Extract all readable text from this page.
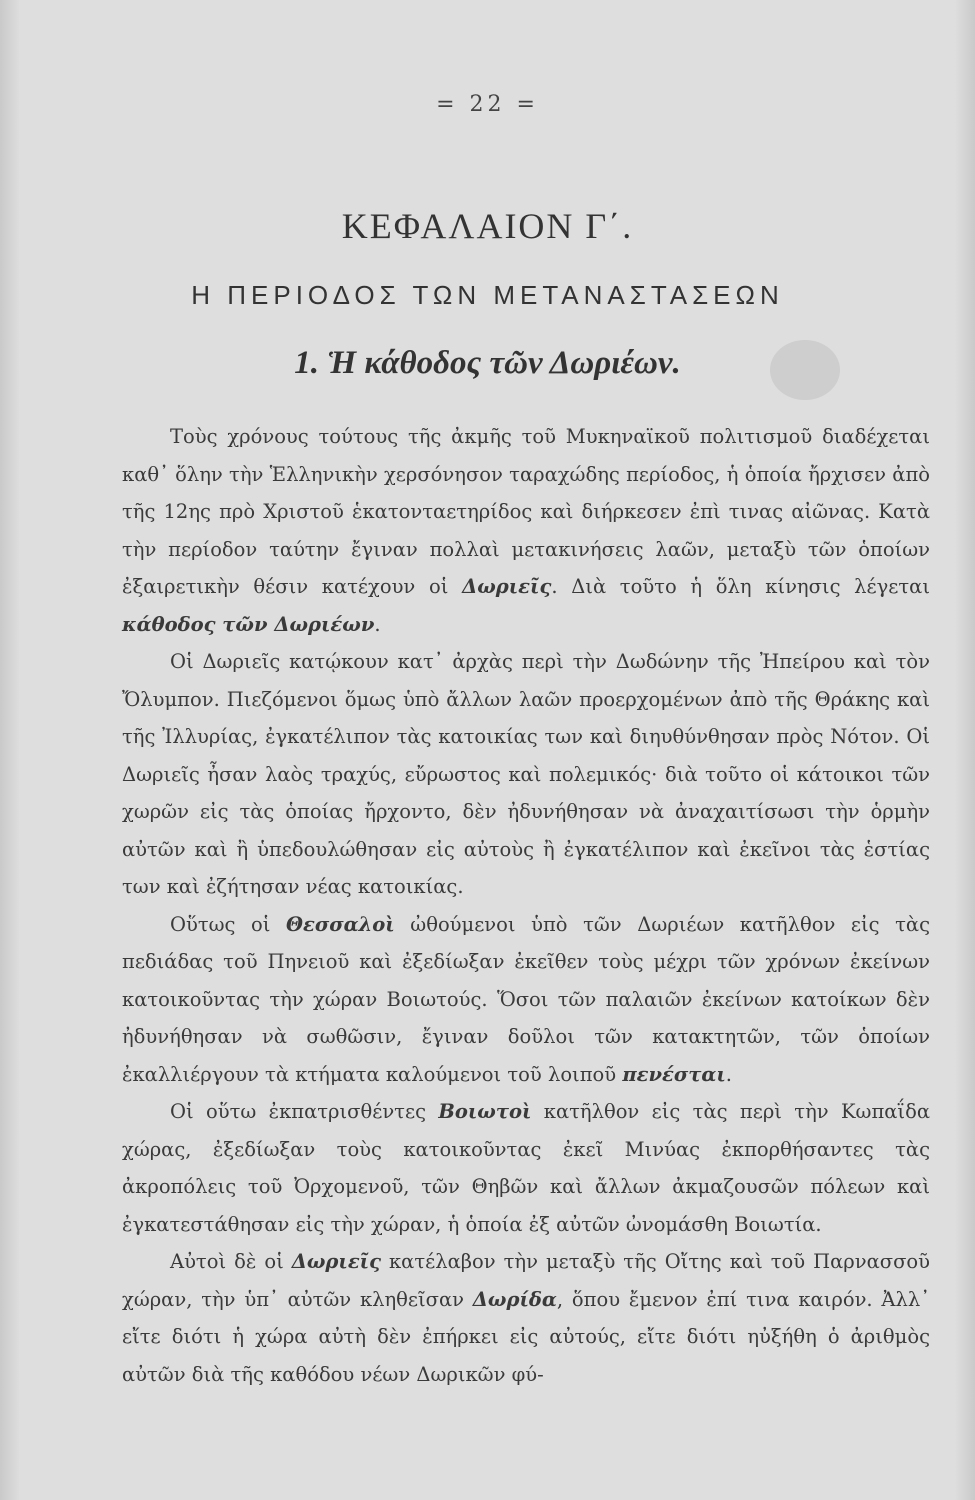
= 22 =
ΚΕΦΑΛΑΙΟΝ Γ΄.
Η ΠΕΡΙΟΔΟΣ ΤΩΝ ΜΕΤΑΝΑΣΤΑΣΕΩΝ
1. Ἡ κάθοδος τῶν Δωριέων.

Τοὺς χρόνους τούτους τῆς ἀκμῆς τοῦ Μυκηναϊκοῦ πολιτισμοῦ διαδέχεται καθ᾽ ὅλην τὴν Ἑλληνικὴν χερσόνησον ταραχώδης περίοδος, ἡ ὁποία ἤρχισεν ἀπὸ τῆς 12ης πρὸ Χριστοῦ ἑκατονταετηρίδος καὶ διήρκεσεν ἐπὶ τινας αἰῶνας. Κατὰ τὴν περίοδον ταύτην ἔγιναν πολλαὶ μετακινήσεις λαῶν, μεταξὺ τῶν ὁποίων ἐξαιρετικὴν θέσιν κατέχουν οἱ Δωριεῖς. Διὰ τοῦτο ἡ ὅλη κίνησις λέγεται κάθοδος τῶν Δωριέων.

Οἱ Δωριεῖς κατῴκουν κατ᾽ ἀρχὰς περὶ τὴν Δωδώνην τῆς Ἠπείρου καὶ τὸν Ὄλυμπον. Πιεζόμενοι ὅμως ὑπὸ ἄλλων λαῶν προερχομένων ἀπὸ τῆς Θράκης καὶ τῆς Ἰλλυρίας, ἐγκατέλιπον τὰς κατοικίας των καὶ διηυθύνθησαν πρὸς Νότον. Οἱ Δωριεῖς ἦσαν λαὸς τραχύς, εὔρωστος καὶ πολεμικός· διὰ τοῦτο οἱ κάτοικοι τῶν χωρῶν εἰς τὰς ὁποίας ἤρχοντο, δὲν ἠδυνήθησαν νὰ ἀναχαιτίσωσι τὴν ὁρμὴν αὐτῶν καὶ ἢ ὑπεδουλώθησαν εἰς αὐτοὺς ἢ ἐγκατέλιπον καὶ ἐκεῖνοι τὰς ἑστίας των καὶ ἐζήτησαν νέας κατοικίας.

Οὕτως οἱ Θεσσαλοὶ ὠθούμενοι ὑπὸ τῶν Δωριέων κατῆλθον εἰς τὰς πεδιάδας τοῦ Πηνειοῦ καὶ ἐξεδίωξαν ἐκεῖθεν τοὺς μέχρι τῶν χρόνων ἐκείνων κατοικοῦντας τὴν χώραν Βοιωτούς. Ὅσοι τῶν παλαιῶν ἐκείνων κατοίκων δὲν ἠδυνήθησαν νὰ σωθῶσιν, ἔγιναν δοῦλοι τῶν κατακτητῶν, τῶν ὁποίων ἐκαλλιέργουν τὰ κτήματα καλούμενοι τοῦ λοιποῦ πενέσται.

Οἱ οὕτω ἐκπατρισθέντες Βοιωτοὶ κατῆλθον εἰς τὰς περὶ τὴν Κωπαΐδα χώρας, ἐξεδίωξαν τοὺς κατοικοῦντας ἐκεῖ Μινύας ἐκπορθήσαντες τὰς ἀκροπόλεις τοῦ Ὀρχομενοῦ, τῶν Θηβῶν καὶ ἄλλων ἀκμαζουσῶν πόλεων καὶ ἐγκατεστάθησαν εἰς τὴν χώραν, ἡ ὁποία ἐξ αὐτῶν ὠνομάσθη Βοιωτία.

Αὐτοὶ δὲ οἱ Δωριεῖς κατέλαβον τὴν μεταξὺ τῆς Οἴτης καὶ τοῦ Παρνασσοῦ χώραν, τὴν ὑπ᾽ αὐτῶν κληθεῖσαν Δωρίδα, ὅπου ἔμενον ἐπί τινα καιρόν. Ἀλλ᾽ εἴτε διότι ἡ χώρα αὐτὴ δὲν ἐπήρκει εἰς αὐτούς, εἴτε διότι ηὐξήθη ὁ ἀριθμὸς αὐτῶν διὰ τῆς καθόδου νέων Δωρικῶν φύ-
